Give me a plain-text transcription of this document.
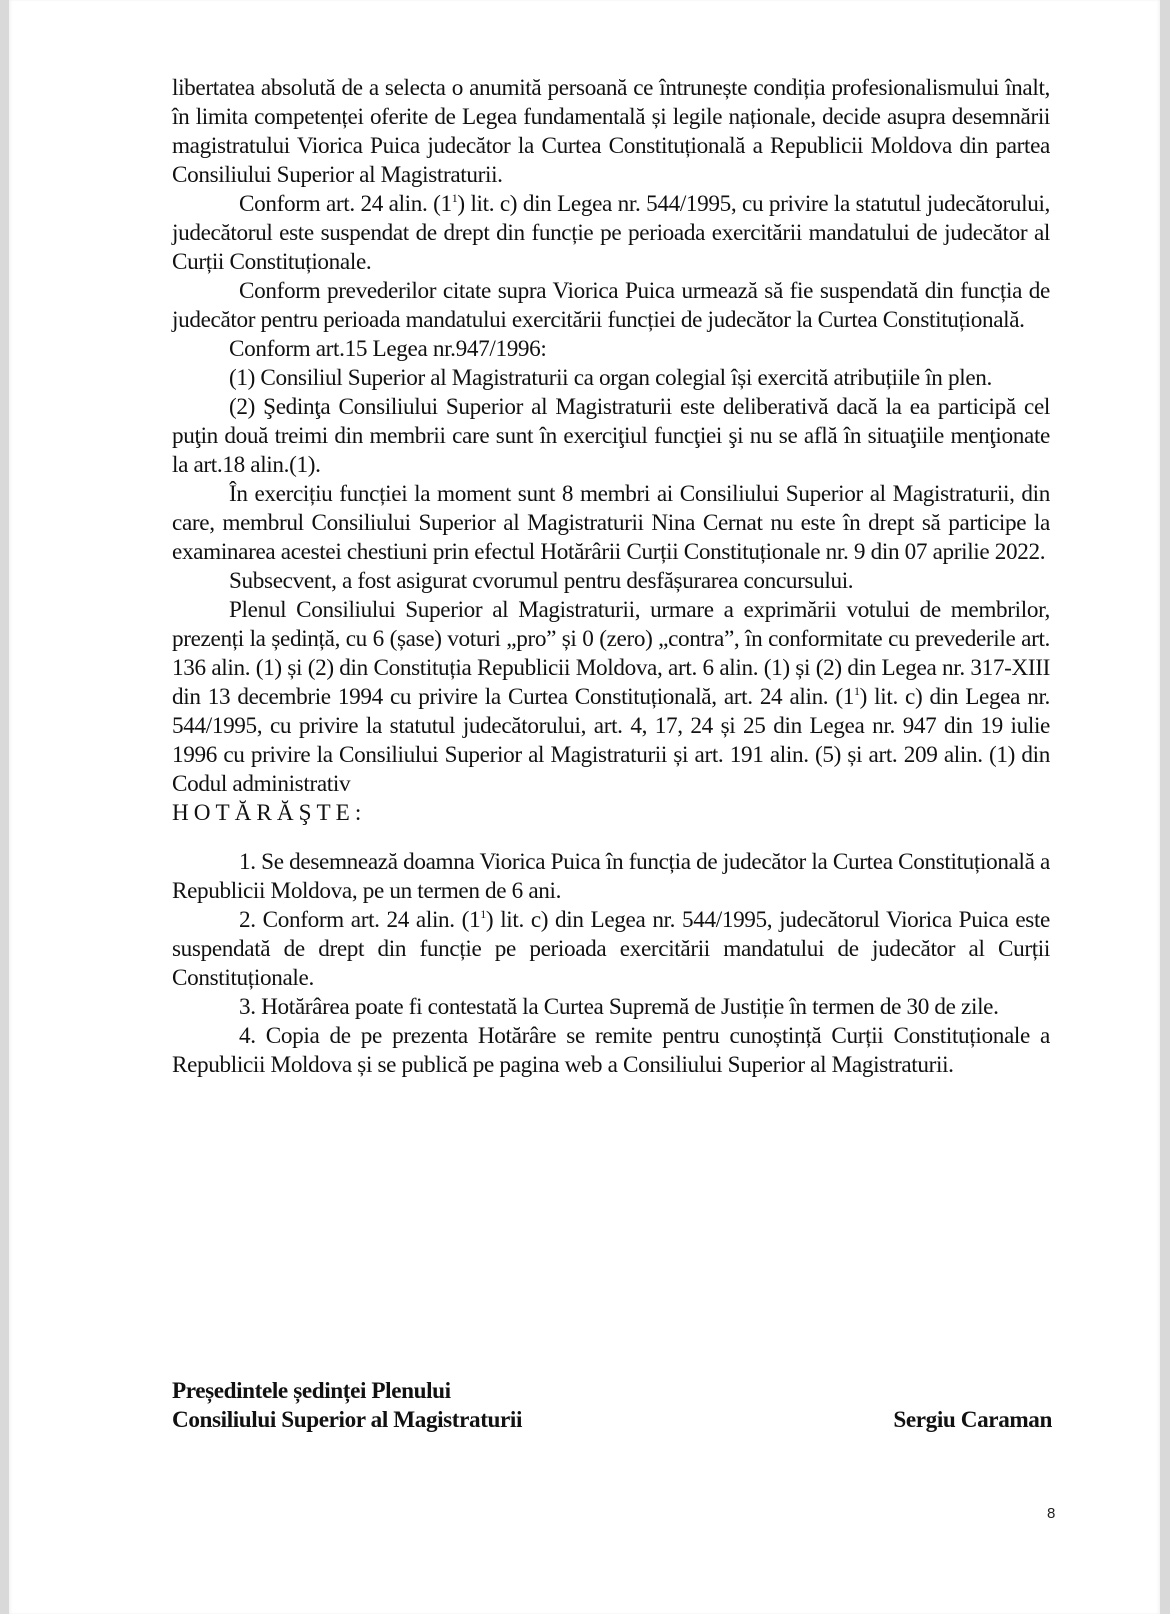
libertatea absolută de a selecta o anumită persoană ce întrunește condiția profesionalismului înalt, în limita competenței oferite de Legea fundamentală și legile naționale, decide asupra desemnării magistratului Viorica Puica judecător la Curtea Constituțională a Republicii Moldova din partea Consiliului Superior al Magistraturii.

Conform art. 24 alin. $(1^1)$ lit. c) din Legea nr. 544/1995, cu privire la statutul judecătorului, judecătorul este suspendat de drept din funcție pe perioada exercitării mandatului de judecător al Curții Constituționale.

Conform prevederilor citate supra Viorica Puica urmează să fie suspendată din funcția de judecător pentru perioada mandatului exercitării funcției de judecător la Curtea Constituțională.

Conform art.15 Legea nr.947/1996:

(1) Consiliul Superior al Magistraturii ca organ colegial își exercită atribuțiile în plen.

(2) Şedinţa Consiliului Superior al Magistraturii este deliberativă dacă la ea participă cel puţin două treimi din membrii care sunt în exerciţiul funcţiei şi nu se află în situaţiile menţionate la art.18 alin.(1).

În exercițiu funcției la moment sunt 8 membri ai Consiliului Superior al Magistraturii, din care, membrul Consiliului Superior al Magistraturii Nina Cernat nu este în drept să participe la examinarea acestei chestiuni prin efectul Hotărârii Curții Constituționale nr. 9 din 07 aprilie 2022.

Subsecvent, a fost asigurat cvorumul pentru desfășurarea concursului.

Plenul Consiliului Superior al Magistraturii, urmare a exprimării votului de membrilor, prezenți la ședință, cu 6 (șase) voturi „pro” și 0 (zero) „contra”, în conformitate cu prevederile art. 136 alin. (1) și (2) din Constituția Republicii Moldova, art. 6 alin. (1) și (2) din Legea nr. 317-XIII din 13 decembrie 1994 cu privire la Curtea Constituțională, art. 24 alin. $(1^1)$ lit. c) din Legea nr. 544/1995, cu privire la statutul judecătorului, art. 4, 17, 24 și 25 din Legea nr. 947 din 19 iulie 1996 cu privire la Consiliului Superior al Magistraturii și art. 191 alin. (5) și art. 209 alin. (1) din Codul administrativ

HOTĂRĂŞTE:

1. Se desemnează doamna Viorica Puica în funcția de judecător la Curtea Constituțională a Republicii Moldova, pe un termen de 6 ani.

2. Conform art. 24 alin. $(1^1)$ lit. c) din Legea nr. 544/1995, judecătorul Viorica Puica este suspendată de drept din funcție pe perioada exercitării mandatului de judecător al Curții Constituționale.

3. Hotărârea poate fi contestată la Curtea Supremă de Justiție în termen de 30 de zile.

4. Copia de pe prezenta Hotărâre se remite pentru cunoștință Curții Constituționale a Republicii Moldova și se publică pe pagina web a Consiliului Superior al Magistraturii.

Președintele ședinței Plenului
Consiliului Superior al Magistraturii	Sergiu Caraman
8
